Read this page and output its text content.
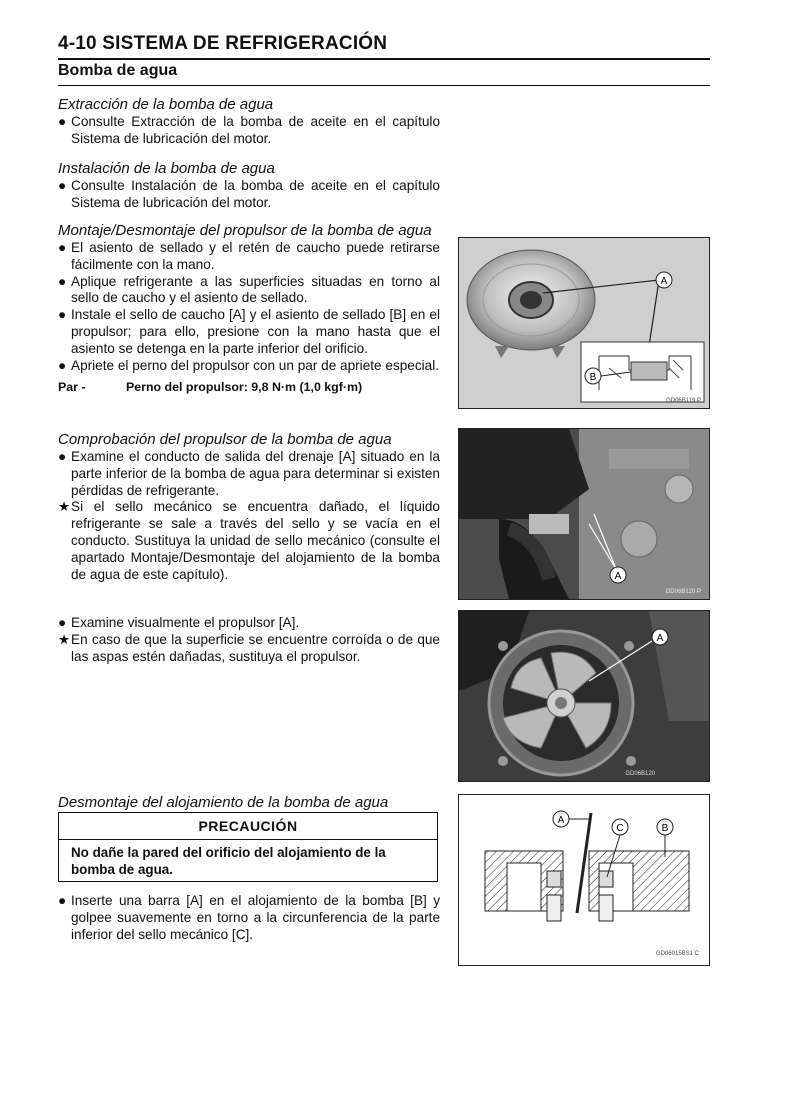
4-10 SISTEMA DE REFRIGERACIÓN
Bomba de agua
Extracción de la bomba de agua
● Consulte Extracción de la bomba de aceite en el capítulo Sistema de lubricación del motor.
Instalación de la bomba de agua
● Consulte Instalación de la bomba de aceite en el capítulo Sistema de lubricación del motor.
Montaje/Desmontaje del propulsor de la bomba de agua
● El asiento de sellado y el retén de caucho puede retirarse fácilmente con la mano.
● Aplique refrigerante a las superficies situadas en torno al sello de caucho y el asiento de sellado.
● Instale el sello de caucho [A] y el asiento de sellado [B] en el propulsor; para ello, presione con la mano hasta que el asiento se detenga en la parte inferior del orificio.
● Apriete el perno del propulsor con un par de apriete especial.
Par -	Perno del propulsor: 9,8 N·m (1,0 kgf·m)
A
B
GD06B119 P
Comprobación del propulsor de la bomba de agua
● Examine el conducto de salida del drenaje [A] situado en la parte inferior de la bomba de agua para determinar si existen pérdidas de refrigerante.
★ Si el sello mecánico se encuentra dañado, el líquido refrigerante se sale a través del sello y se vacía en el conducto. Sustituya la unidad de sello mecánico (consulte el apartado Montaje/Desmontaje del alojamiento de la bomba de agua de este capítulo).	A
GD06B120 P
● Examine visualmente el propulsor [A].
★ En caso de que la superficie se encuentre corroída o de que las aspas estén dañadas, sustituya el propulsor.
A
GD06B120
Desmontaje del alojamiento de la bomba de agua
PRECAUCIÓN
No dañe la pared del orificio del alojamiento de la bomba de agua.
● Inserte una barra [A] en el alojamiento de la bomba [B] y golpee suavemente en torno a la circunferencia de la parte inferior del sello mecánico [C].
A
B
C
GD06015BS1 C
